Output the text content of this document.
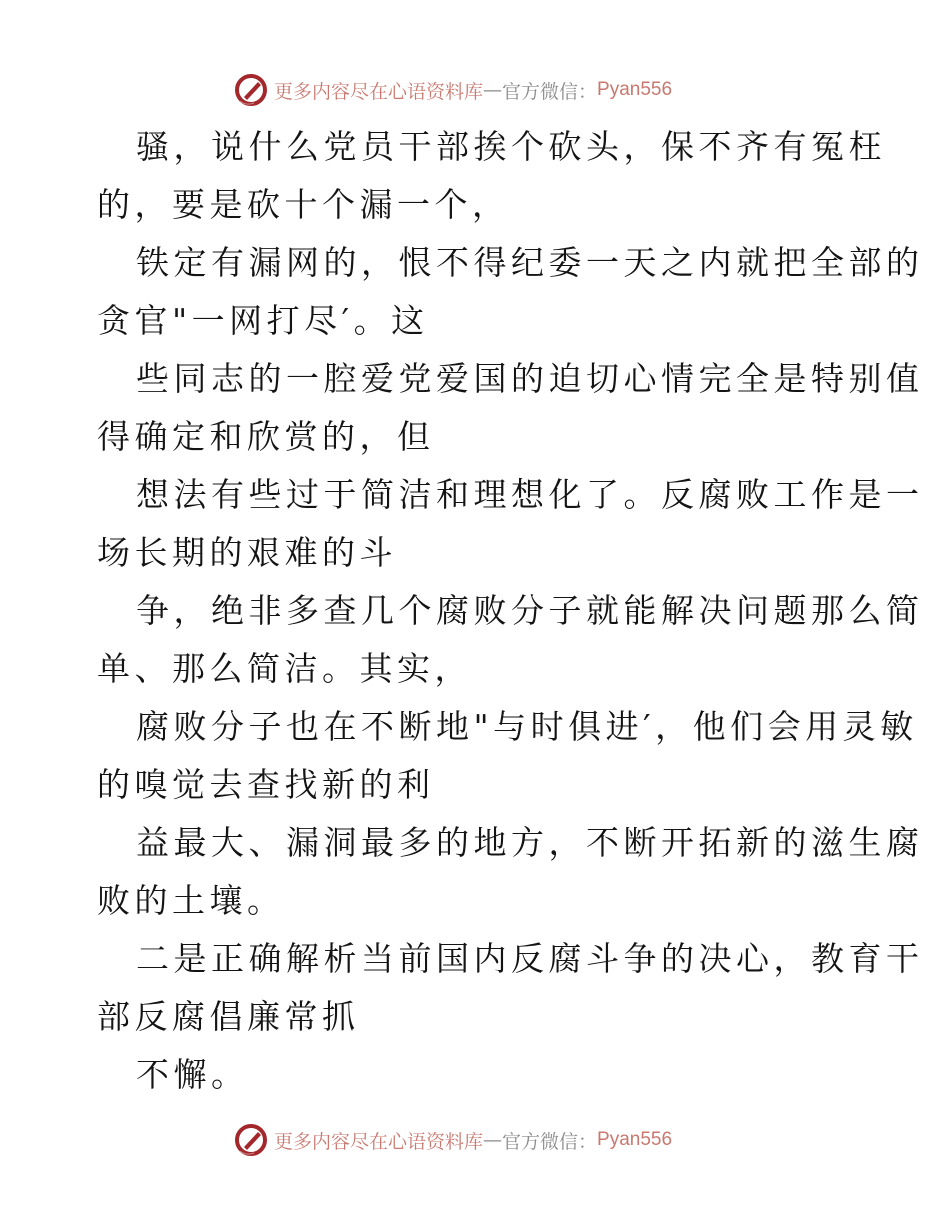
更多内容尽在心语资料库 — 官方微信： Pyan556
骚，说什么党员干部挨个砍头，保不齐有冤枉
的，要是砍十个漏一个，
铁定有漏网的，恨不得纪委一天之内就把全部的
贪官"一网打尽′。这
些同志的一腔爱党爱国的迫切心情完全是特别值
得确定和欣赏的，但
想法有些过于简洁和理想化了。反腐败工作是一
场长期的艰难的斗
争，绝非多查几个腐败分子就能解决问题那么简
单、那么简洁。其实，
腐败分子也在不断地"与时俱进′，他们会用灵敏
的嗅觉去查找新的利
益最大、漏洞最多的地方，不断开拓新的滋生腐
败的土壤。
二是正确解析当前国内反腐斗争的决心，教育干
部反腐倡廉常抓
不懈。
更多内容尽在心语资料库 — 官方微信： Pyan556
